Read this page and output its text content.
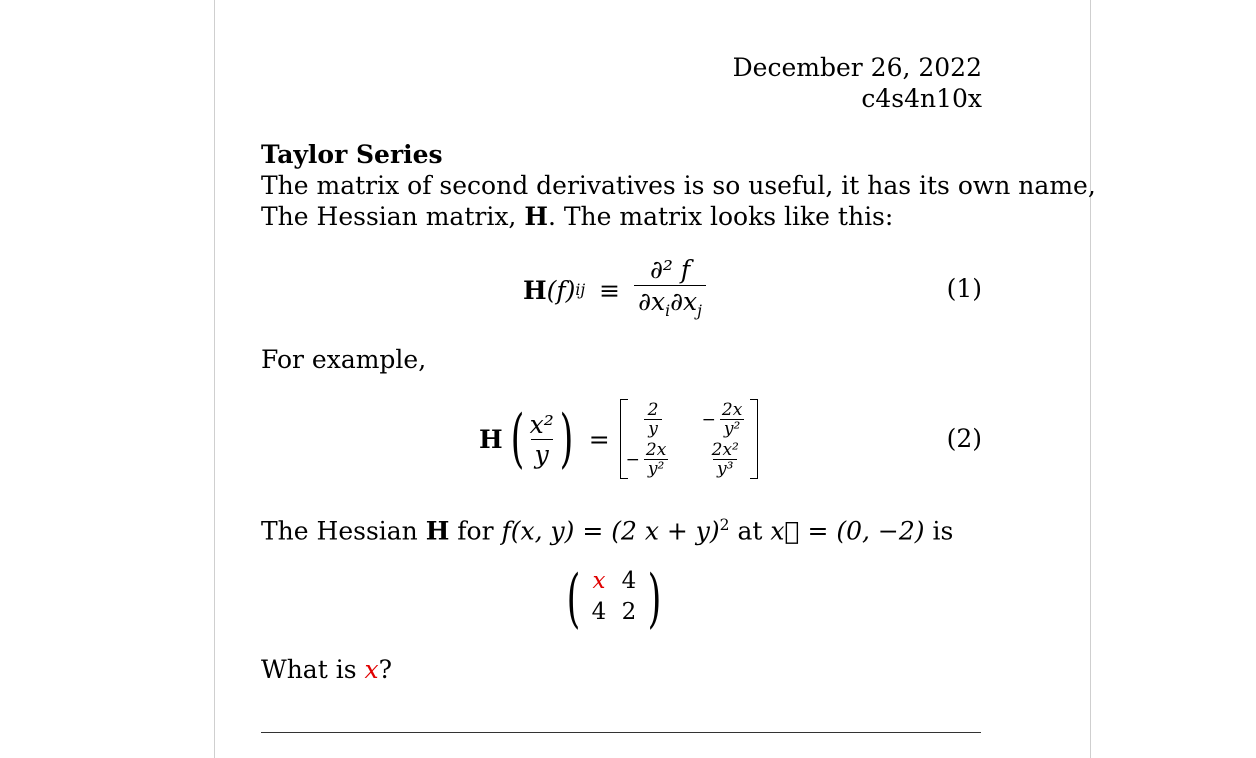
December 26, 2022
c4s4n10x
Taylor Series
The matrix of second derivatives is so useful, it has its own name,
The Hessian matrix, H. The matrix looks like this:
H (f) ij ≡ $\frac{\text{∂² f}}{\partial x_i\partial x_j}$	(1)
For example,
H ( $\frac{\text{x²}}{y}$ ) =
$\frac{2}{y} - \frac{2x}{\text{y²}}$
− $\frac{2x}{\text{y²}} \frac{\text{2x²}}{\text{y³}}$
(2)
The Hessian H for f(x, y) = (2 x + y)$^2$ at x⃗ = (0, −2) is
( x 4
4 2 )
What is x?
